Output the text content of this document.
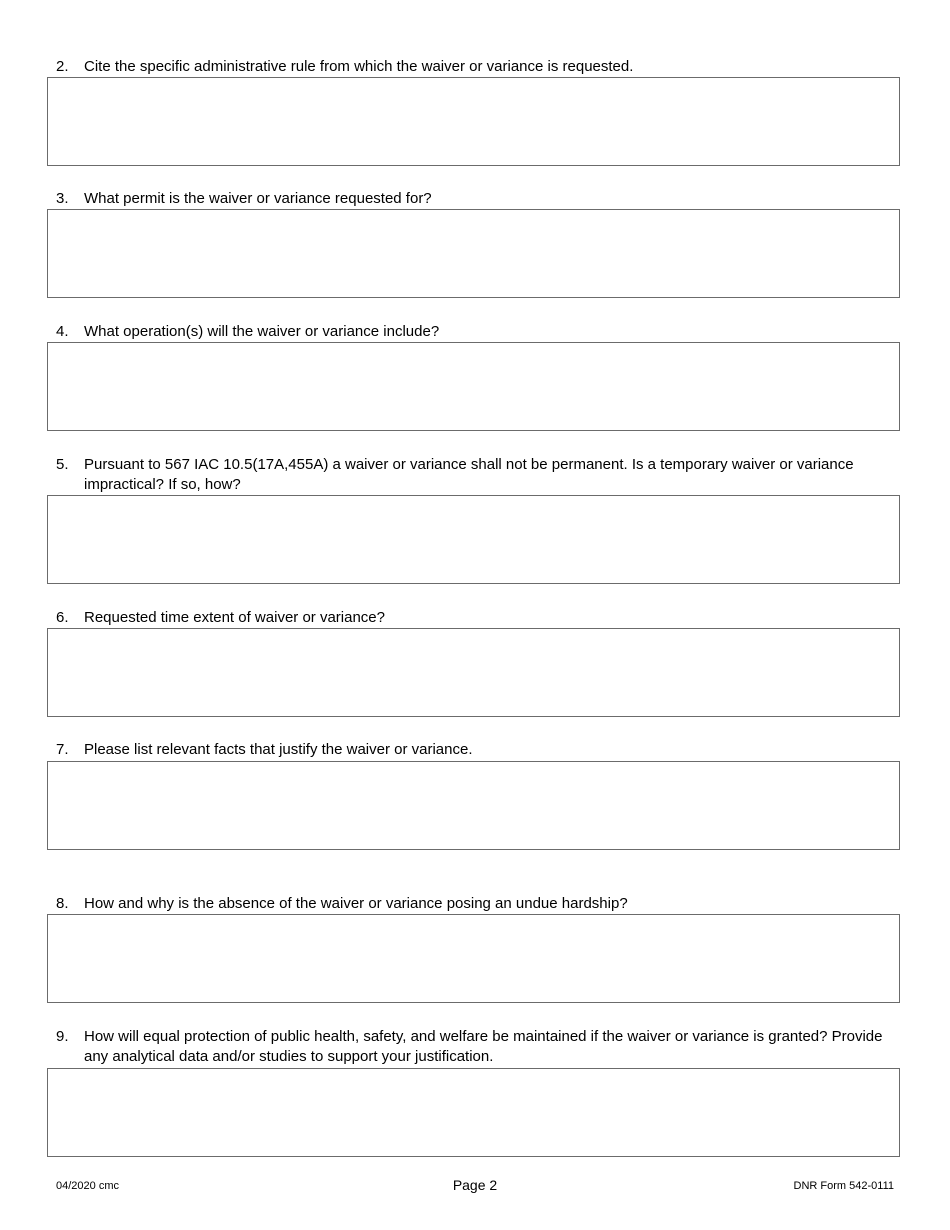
2.	Cite the specific administrative rule from which the waiver or variance is requested.
3.	What permit is the waiver or variance requested for?
4.	What operation(s) will the waiver or variance include?
5.	Pursuant to 567 IAC 10.5(17A,455A) a waiver or variance shall not be permanent. Is a temporary waiver or variance impractical? If so, how?
6.	Requested time extent of waiver or variance?
7.	Please list relevant facts that justify the waiver or variance.
8.	How and why is the absence of the waiver or variance posing an undue hardship?
9.	How will equal protection of public health, safety, and welfare be maintained if the waiver or variance is granted? Provide any analytical data and/or studies to support your justification.
04/2020 cmc	Page 2	DNR Form 542-0111
